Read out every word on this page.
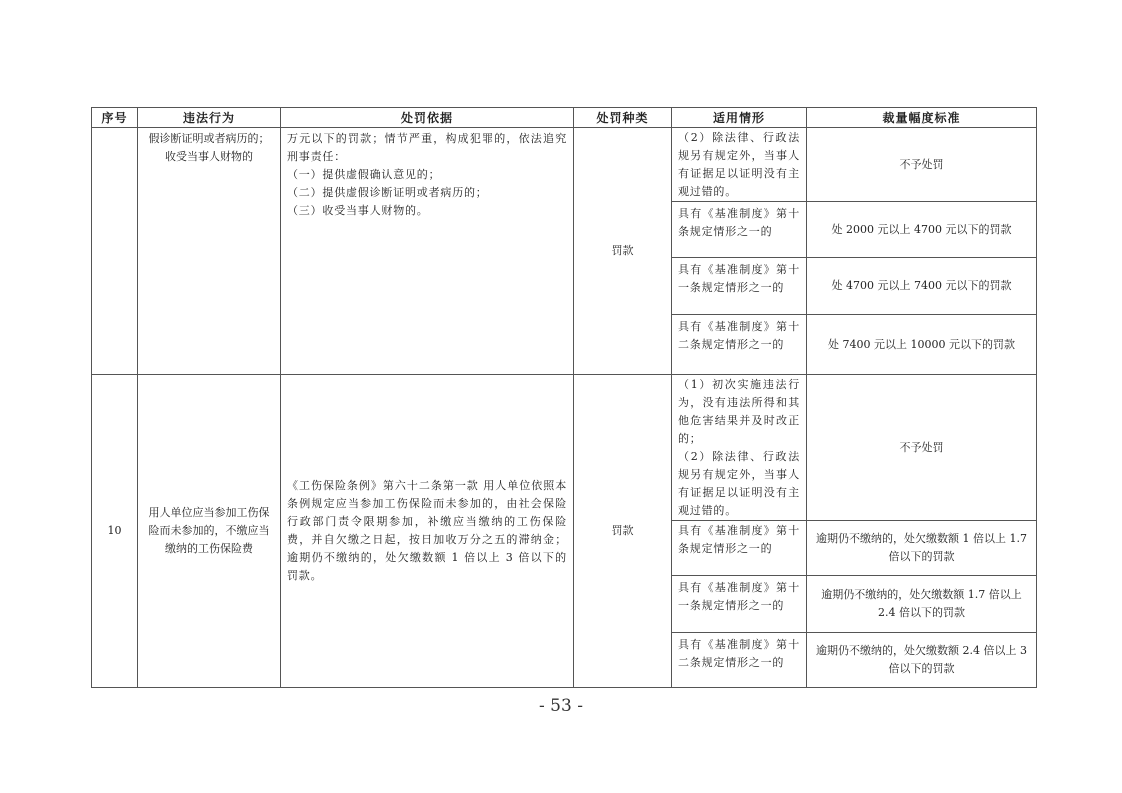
序号	违法行为	处罚依据	处罚种类	适用情形	裁量幅度标准
	假诊断证明或者病历的；收受当事人财物的	万元以下的罚款；情节严重，构成犯罪的，依法追究刑事责任：
（一）提供虚假确认意见的；
（二）提供虚假诊断证明或者病历的；
（三）收受当事人财物的。	罚款	（2）除法律、行政法规另有规定外，当事人有证据足以证明没有主观过错的。	不予处罚
				具有《基准制度》第十条规定情形之一的	处 2000 元以上 4700 元以下的罚款
				具有《基准制度》第十一条规定情形之一的	处 4700 元以上 7400 元以下的罚款
				具有《基准制度》第十二条规定情形之一的	处 7400 元以上 10000 元以下的罚款
10	用人单位应当参加工伤保险而未参加的，不缴应当缴纳的工伤保险费	《工伤保险条例》第六十二条第一款 用人单位依照本条例规定应当参加工伤保险而未参加的，由社会保险行政部门责令限期参加，补缴应当缴纳的工伤保险费，并自欠缴之日起，按日加收万分之五的滞纳金；逾期仍不缴纳的，处欠缴数额 1 倍以上 3 倍以下的罚款。	罚款	（1）初次实施违法行为，没有违法所得和其他危害结果并及时改正的；
（2）除法律、行政法规另有规定外，当事人有证据足以证明没有主观过错的。	不予处罚
				具有《基准制度》第十条规定情形之一的	逾期仍不缴纳的，处欠缴数额 1 倍以上 1.7 倍以下的罚款
				具有《基准制度》第十一条规定情形之一的	逾期仍不缴纳的，处欠缴数额 1.7 倍以上 2.4 倍以下的罚款
				具有《基准制度》第十二条规定情形之一的	逾期仍不缴纳的，处欠缴数额 2.4 倍以上 3 倍以下的罚款
- 53 -
